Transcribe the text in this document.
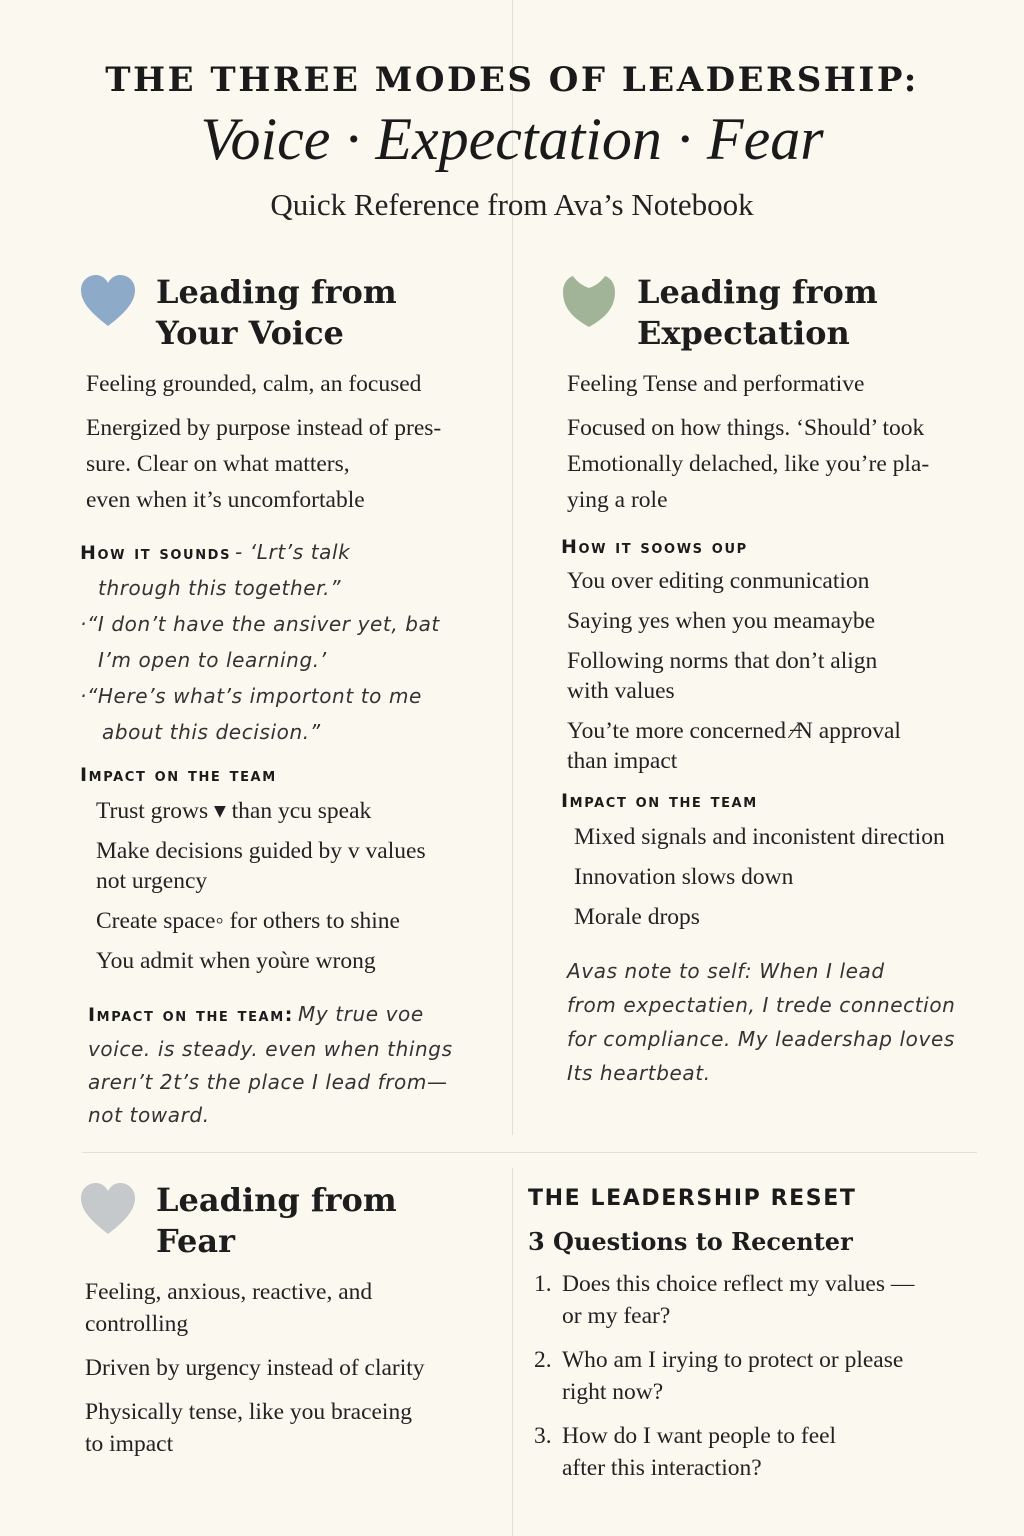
THE THREE MODES OF LEADERSHIP:
Voice · Expectation · Fear
Quick Reference from Ava’s Notebook
Leading from
Your Voice

Feeling grounded, calm, an focused

Energized by purpose instead of pres-

sure. Clear on what matters,

even when it’s uncomfortable

How it sounds - ‘Lrt’s talk
through this together.”
·“I don’t have the ansiver yet, bat
I’m open to learning.’
·“Here’s what’s importont to me
about this decision.”
Impact on the team
Trust grows ▾ than ycu speak
Make decisions guided by v values
not urgency
Create space◦ for others to shine
You admit when yoùre wrong
Impact on the team: My true voe
voice. is steady. even when things
arerı’t 2t’s the place I lead from—
not toward.
Leading from
Expectation

Feeling Tense and performative

Focused on how things. ‘Should’ took

Emotionally delached, like you’re pla-

ying a role

How it soows oup
You over editing conmunication
Saying yes when you meamaybe
Following norms that don’t align
with values
You’te more concerned ∕̶N approval
than impact
Impact on the team
Mixed signals and inconistent direction
Innovation slows down
Morale drops
Avas note to self: When I lead
from expectatien, I trede connection
for compliance. My leadershap loves
Its heartbeat.
Leading from
Fear
Feeling, anxious, reactive, and
controlling
Driven by urgency instead of clarity
Physically tense, like you braceing
to impact
THE LEADERSHIP RESET
3 Questions to Recenter
1. Does this choice reflect my values —
or my fear?
2. Who am I irying to protect or please
right now?
3. How do I want people to feel
after this interaction?
